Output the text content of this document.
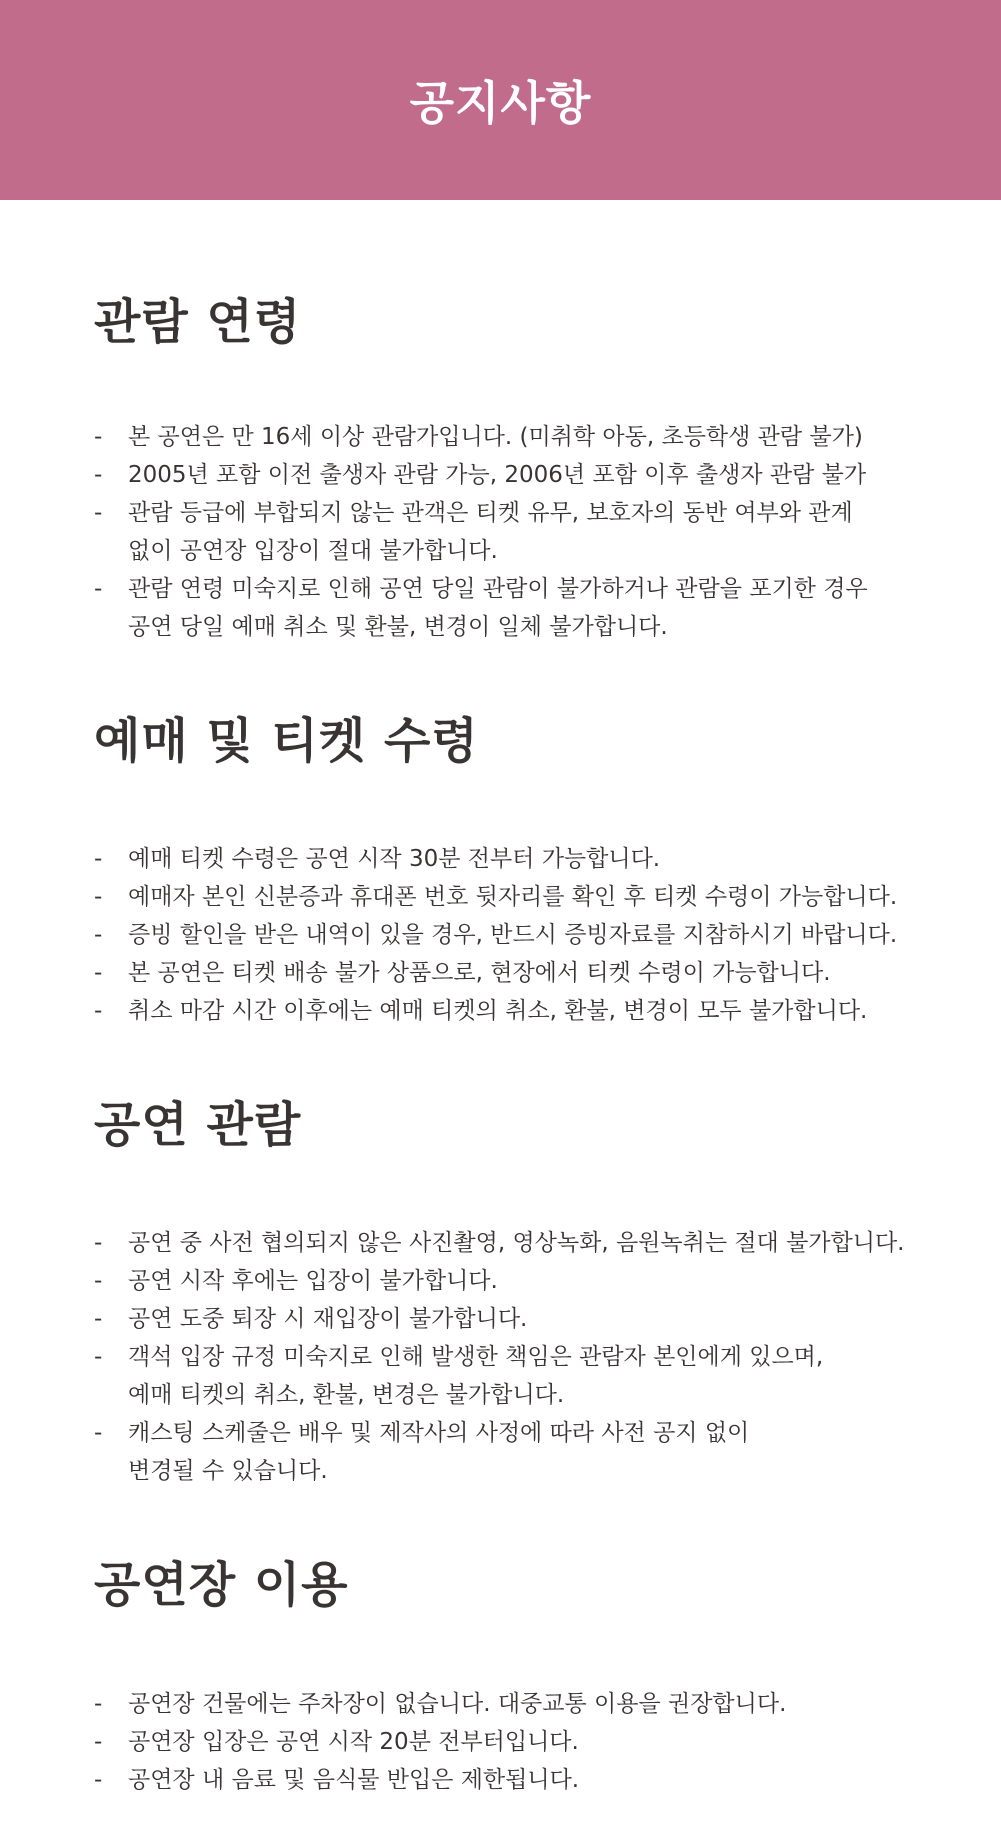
공지사항
관람 연령
-	본 공연은 만 16세 이상 관람가입니다. (미취학 아동, 초등학생 관람 불가)
-	2005년 포함 이전 출생자 관람 가능, 2006년 포함 이후 출생자 관람 불가
-	관람 등급에 부합되지 않는 관객은 티켓 유무, 보호자의 동반 여부와 관계
없이 공연장 입장이 절대 불가합니다.
-	관람 연령 미숙지로 인해 공연 당일 관람이 불가하거나 관람을 포기한 경우
공연 당일 예매 취소 및 환불, 변경이 일체 불가합니다.
예매 및 티켓 수령
-	예매 티켓 수령은 공연 시작 30분 전부터 가능합니다.
-	예매자 본인 신분증과 휴대폰 번호 뒷자리를 확인 후 티켓 수령이 가능합니다.
-	증빙 할인을 받은 내역이 있을 경우, 반드시 증빙자료를 지참하시기 바랍니다.
-	본 공연은 티켓 배송 불가 상품으로, 현장에서 티켓 수령이 가능합니다.
-	취소 마감 시간 이후에는 예매 티켓의 취소, 환불, 변경이 모두 불가합니다.
공연 관람
-	공연 중 사전 협의되지 않은 사진촬영, 영상녹화, 음원녹취는 절대 불가합니다.
-	공연 시작 후에는 입장이 불가합니다.
-	공연 도중 퇴장 시 재입장이 불가합니다.
-	객석 입장 규정 미숙지로 인해 발생한 책임은 관람자 본인에게 있으며,
예매 티켓의 취소, 환불, 변경은 불가합니다.
-	캐스팅 스케줄은 배우 및 제작사의 사정에 따라 사전 공지 없이
변경될 수 있습니다.
공연장 이용
-	공연장 건물에는 주차장이 없습니다. 대중교통 이용을 권장합니다.
-	공연장 입장은 공연 시작 20분 전부터입니다.
-	공연장 내 음료 및 음식물 반입은 제한됩니다.
